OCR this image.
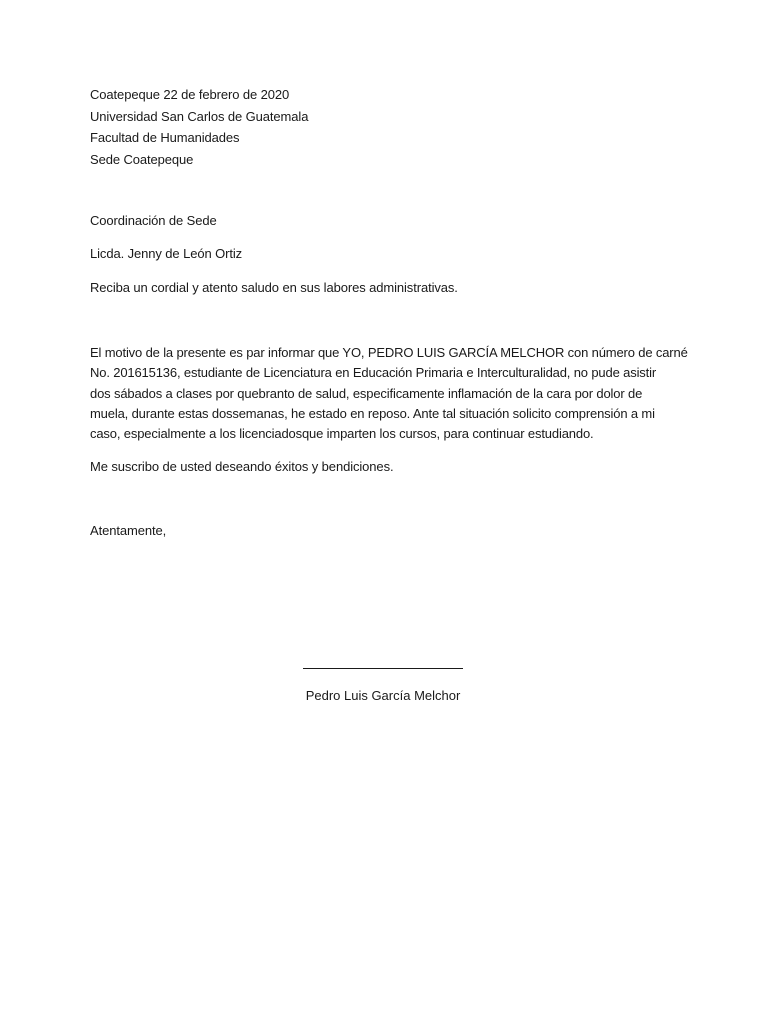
Coatepeque 22 de febrero de 2020
Universidad San Carlos de Guatemala
Facultad de Humanidades
Sede Coatepeque
Coordinación de Sede
Licda. Jenny de León Ortiz
Reciba un cordial y atento saludo en sus labores administrativas.
El motivo de la presente es par informar que YO, PEDRO LUIS GARCÍA MELCHOR con número de carné
No. 201615136, estudiante de Licenciatura en Educación Primaria e Interculturalidad, no pude asistir
dos sábados a clases por quebranto de salud, especificamente inflamación de la cara por dolor de
muela, durante estas dossemanas, he estado en reposo. Ante tal situación solicito comprensión a mi
caso, especialmente a los licenciadosque imparten los cursos, para continuar estudiando.
Me suscribo de usted deseando éxitos y bendiciones.
Atentamente,
Pedro Luis García Melchor
